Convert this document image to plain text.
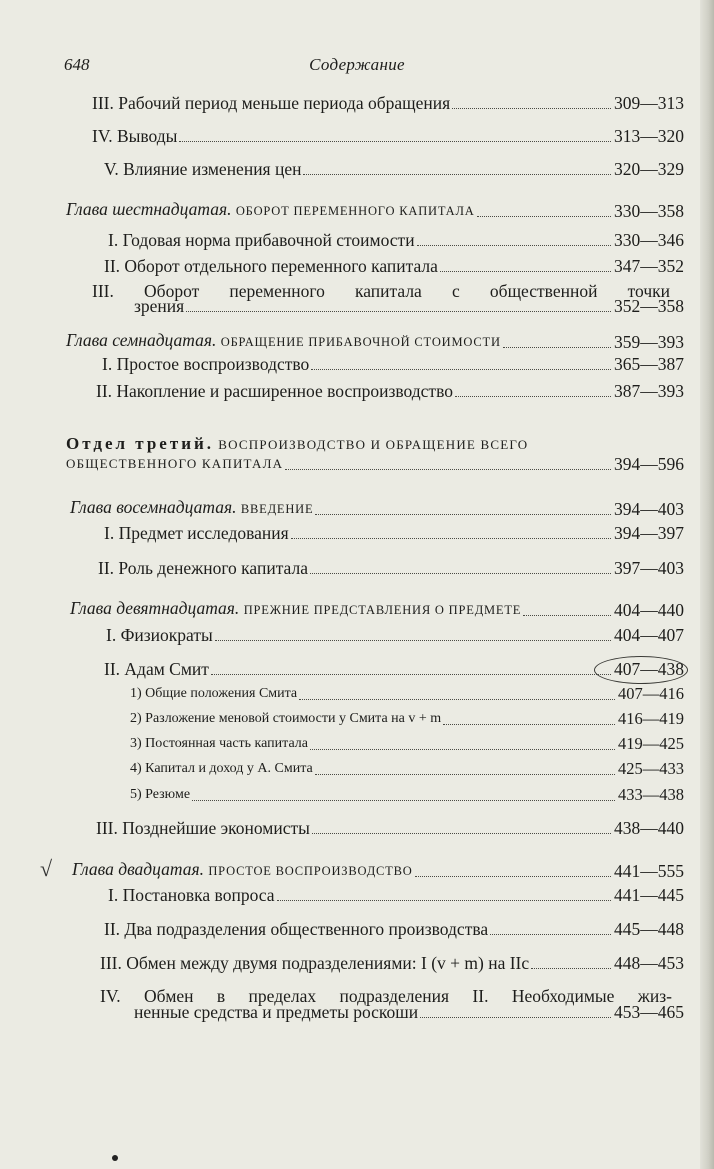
648	Содержание
III. Рабочий период меньше периода обращения	309—313
IV. Выводы	313—320
V. Влияние изменения цен	320—329
Глава шестнадцатая. ОБОРОТ ПЕРЕМЕННОГО КАПИТАЛА	330—358
I. Годовая норма прибавочной стоимости	330—346
II. Оборот отдельного переменного капитала	347—352
III. Оборот переменного капитала с общественной точки
зрения	352—358
Глава семнадцатая. ОБРАЩЕНИЕ ПРИБАВОЧНОЙ СТОИМОСТИ	359—393
I. Простое воспроизводство	365—387
II. Накопление и расширенное воспроизводство	387—393
Отдел третий. ВОСПРОИЗВОДСТВО И ОБРАЩЕНИЕ ВСЕГО
ОБЩЕСТВЕННОГО КАПИТАЛА	394—596
Глава восемнадцатая. ВВЕДЕНИЕ	394—403
I. Предмет исследования	394—397
II. Роль денежного капитала	397—403
Глава девятнадцатая. ПРЕЖНИЕ ПРЕДСТАВЛЕНИЯ О ПРЕДМЕТЕ	404—440
I. Физиократы	404—407
II. Адам Смит	407—438
1) Общие положения Смита	407—416
2) Разложение меновой стоимости у Смита на v + m	416—419
3) Постоянная часть капитала	419—425
4) Капитал и доход у А. Смита	425—433
5) Резюме	433—438
III. Позднейшие экономисты	438—440
√ Глава двадцатая. ПРОСТОЕ ВОСПРОИЗВОДСТВО	441—555
I. Постановка вопроса	441—445
II. Два подразделения общественного производства	445—448
III. Обмен между двумя подразделениями: I (v + m) на IIc	448—453
IV. Обмен в пределах подразделения II. Необходимые жиз-
ненные средства и предметы роскоши	453—465
